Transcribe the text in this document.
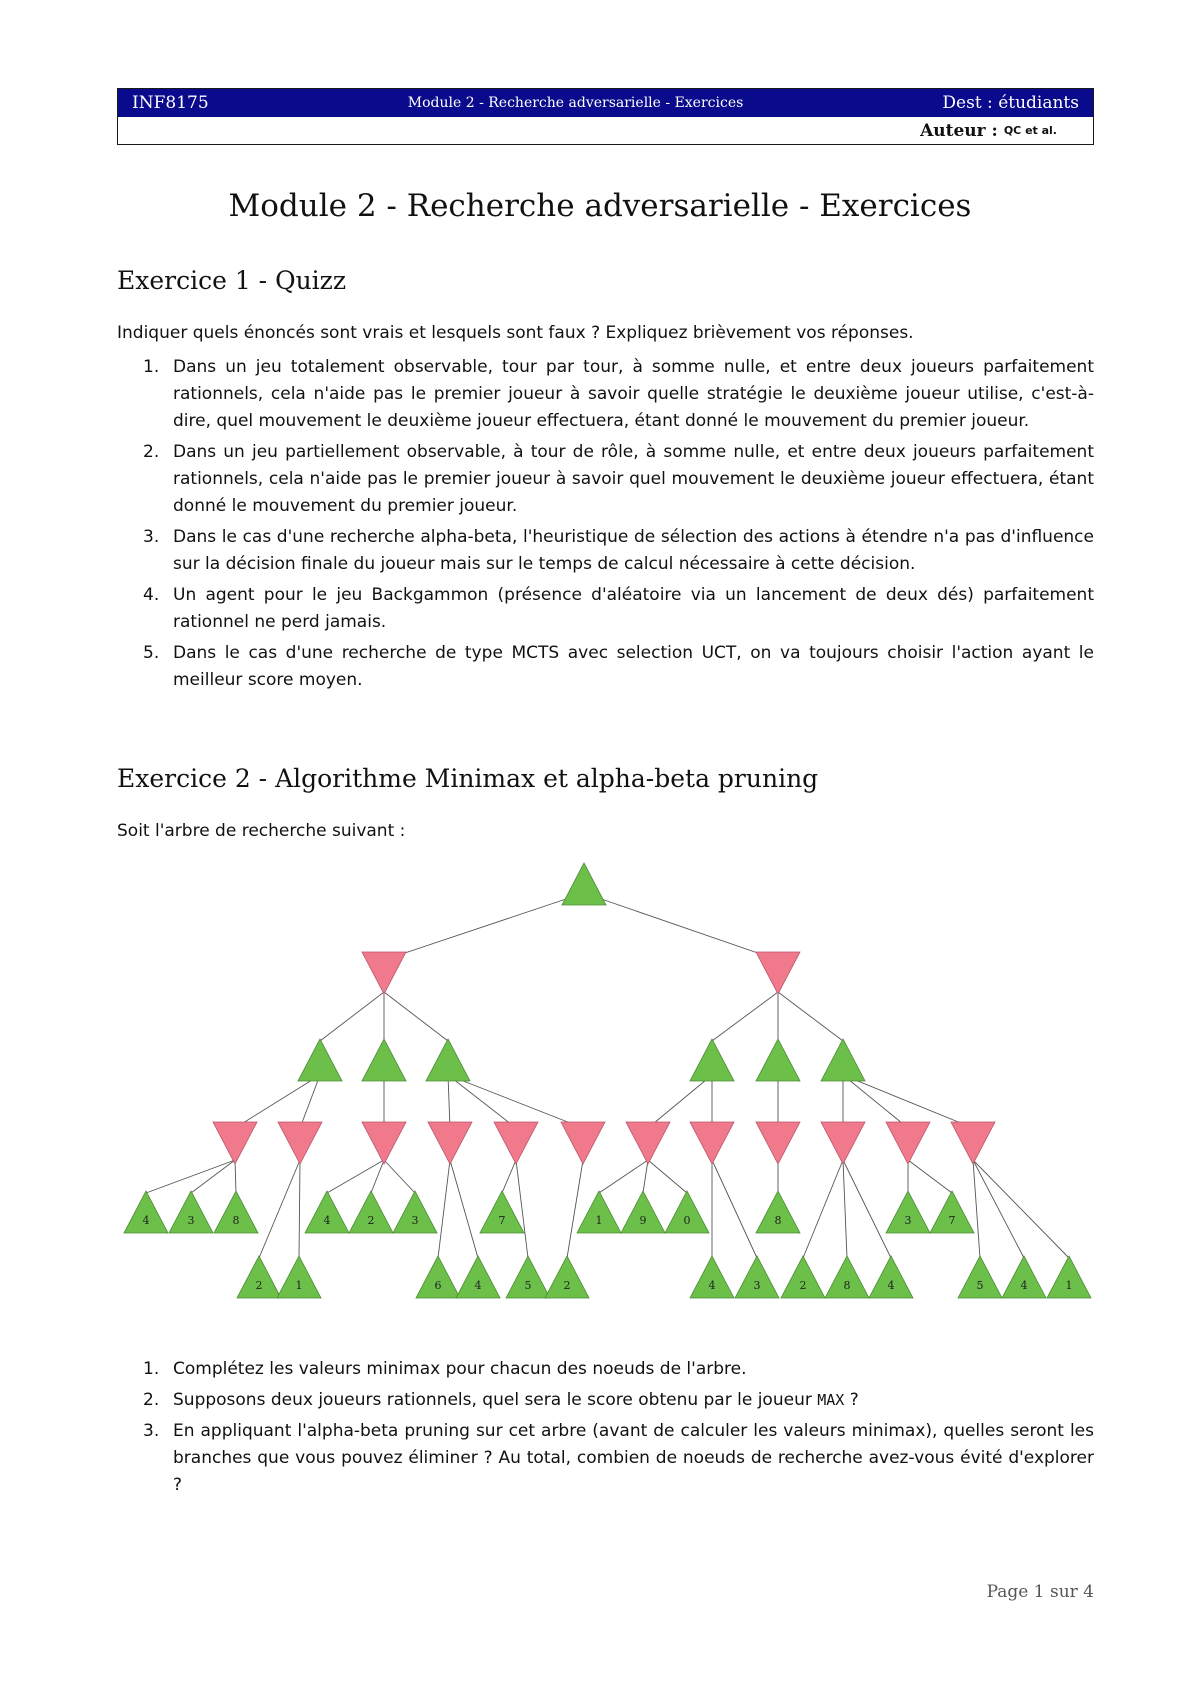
INF8175	Module 2 - Recherche adversarielle - Exercices	Dest : étudiants
Auteur : QC et al.
Module 2 - Recherche adversarielle - Exercices
Exercice 1 - Quizz

Indiquer quels énoncés sont vrais et lesquels sont faux ? Expliquez brièvement vos réponses.

1. Dans un jeu totalement observable, tour par tour, à somme nulle, et entre deux joueurs parfaitement rationnels, cela n'aide pas le premier joueur à savoir quelle stratégie le deuxième joueur utilise, c'est-à-dire, quel mouvement le deuxième joueur effectuera, étant donné le mouvement du premier joueur.
2. Dans un jeu partiellement observable, à tour de rôle, à somme nulle, et entre deux joueurs parfaitement rationnels, cela n'aide pas le premier joueur à savoir quel mouvement le deuxième joueur effectuera, étant donné le mouvement du premier joueur.
3. Dans le cas d'une recherche alpha-beta, l'heuristique de sélection des actions à étendre n'a pas d'influence sur la décision finale du joueur mais sur le temps de calcul nécessaire à cette décision.
4. Un agent pour le jeu Backgammon (présence d'aléatoire via un lancement de deux dés) parfaitement rationnel ne perd jamais.
5. Dans le cas d'une recherche de type MCTS avec selection UCT, on va toujours choisir l'action ayant le meilleur score moyen.
Exercice 2 - Algorithme Minimax et alpha-beta pruning

Soit l'arbre de recherche suivant :

4	3	8
2	1
4	2	3
6	4
7
5	2
1	9	0
4	3
8
2	8	4
3	7
5	4	1
1. Complétez les valeurs minimax pour chacun des noeuds de l'arbre.
2. Supposons deux joueurs rationnels, quel sera le score obtenu par le joueur MAX ?
3. En appliquant l'alpha-beta pruning sur cet arbre (avant de calculer les valeurs minimax), quelles seront les branches que vous pouvez éliminer ? Au total, combien de noeuds de recherche avez-vous évité d'explorer ?
Page 1 sur 4
